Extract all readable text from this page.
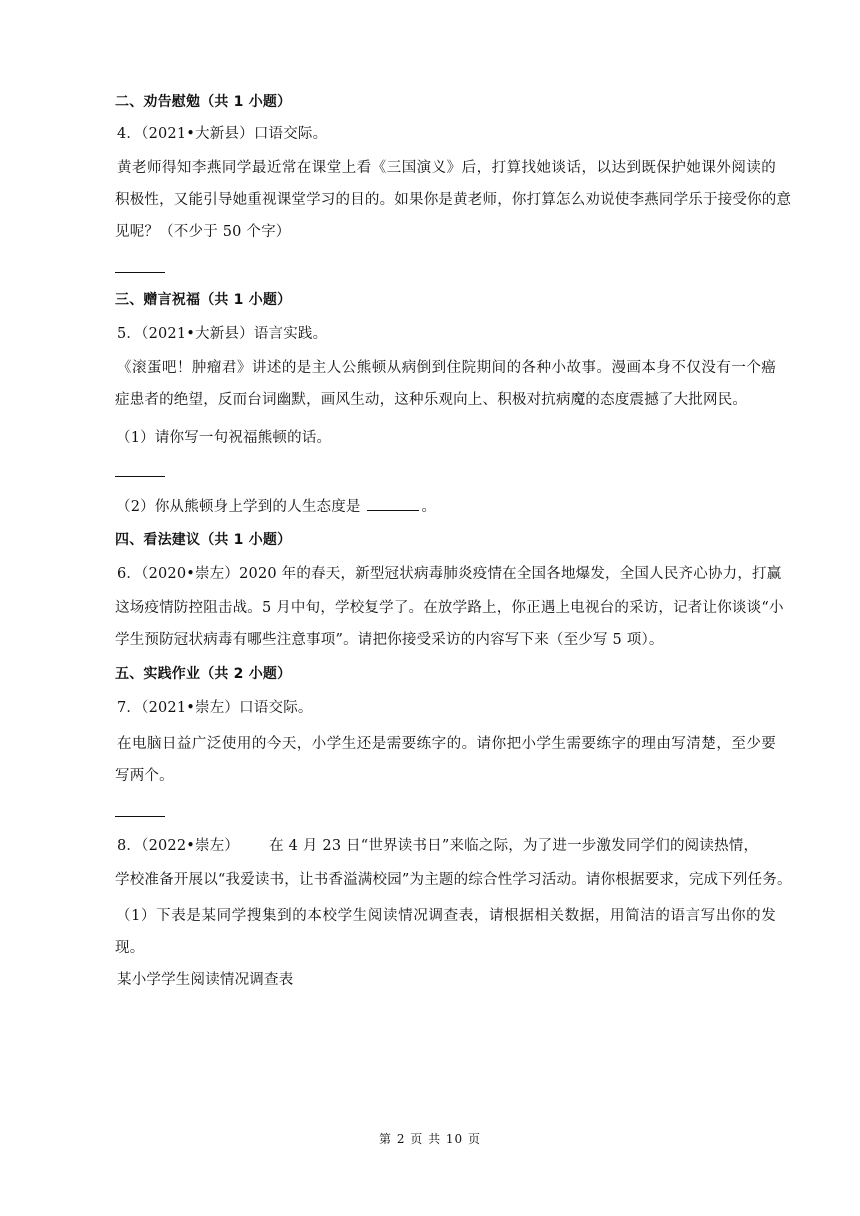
二、劝告慰勉（共 1 小题）
4．（2021•大新县）口语交际。
黄老师得知李燕同学最近常在课堂上看《三国演义》后，打算找她谈话，以达到既保护她课外阅读的
积极性，又能引导她重视课堂学习的目的。如果你是黄老师，你打算怎么劝说使李燕同学乐于接受你的意
见呢？（不少于 50 个字）
三、赠言祝福（共 1 小题）
5．（2021•大新县）语言实践。
《滚蛋吧！肿瘤君》讲述的是主人公熊顿从病倒到住院期间的各种小故事。漫画本身不仅没有一个癌
症患者的绝望，反而台词幽默，画风生动，这种乐观向上、积极对抗病魔的态度震撼了大批网民。
（1）请你写一句祝福熊顿的话。
（2）你从熊顿身上学到的人生态度是	。
四、看法建议（共 1 小题）
6．（2020•崇左）2020 年的春天，新型冠状病毒肺炎疫情在全国各地爆发，全国人民齐心协力，打赢
这场疫情防控阻击战。5 月中旬，学校复学了。在放学路上，你正遇上电视台的采访，记者让你谈谈“小
学生预防冠状病毒有哪些注意事项”。请把你接受采访的内容写下来（至少写 5 项）。
五、实践作业（共 2 小题）
7．（2021•崇左）口语交际。
在电脑日益广泛使用的今天，小学生还是需要练字的。请你把小学生需要练字的理由写清楚，至少要
写两个。
8．（2022•崇左） 在 4 月 23 日“世界读书日”来临之际，为了进一步激发同学们的阅读热情，
学校准备开展以“我爱读书，让书香溢满校园”为主题的综合性学习活动。请你根据要求，完成下列任务。
（1）下表是某同学搜集到的本校学生阅读情况调查表，请根据相关数据，用简洁的语言写出你的发
现。
某小学学生阅读情况调查表
第 2 页 共 10 页
